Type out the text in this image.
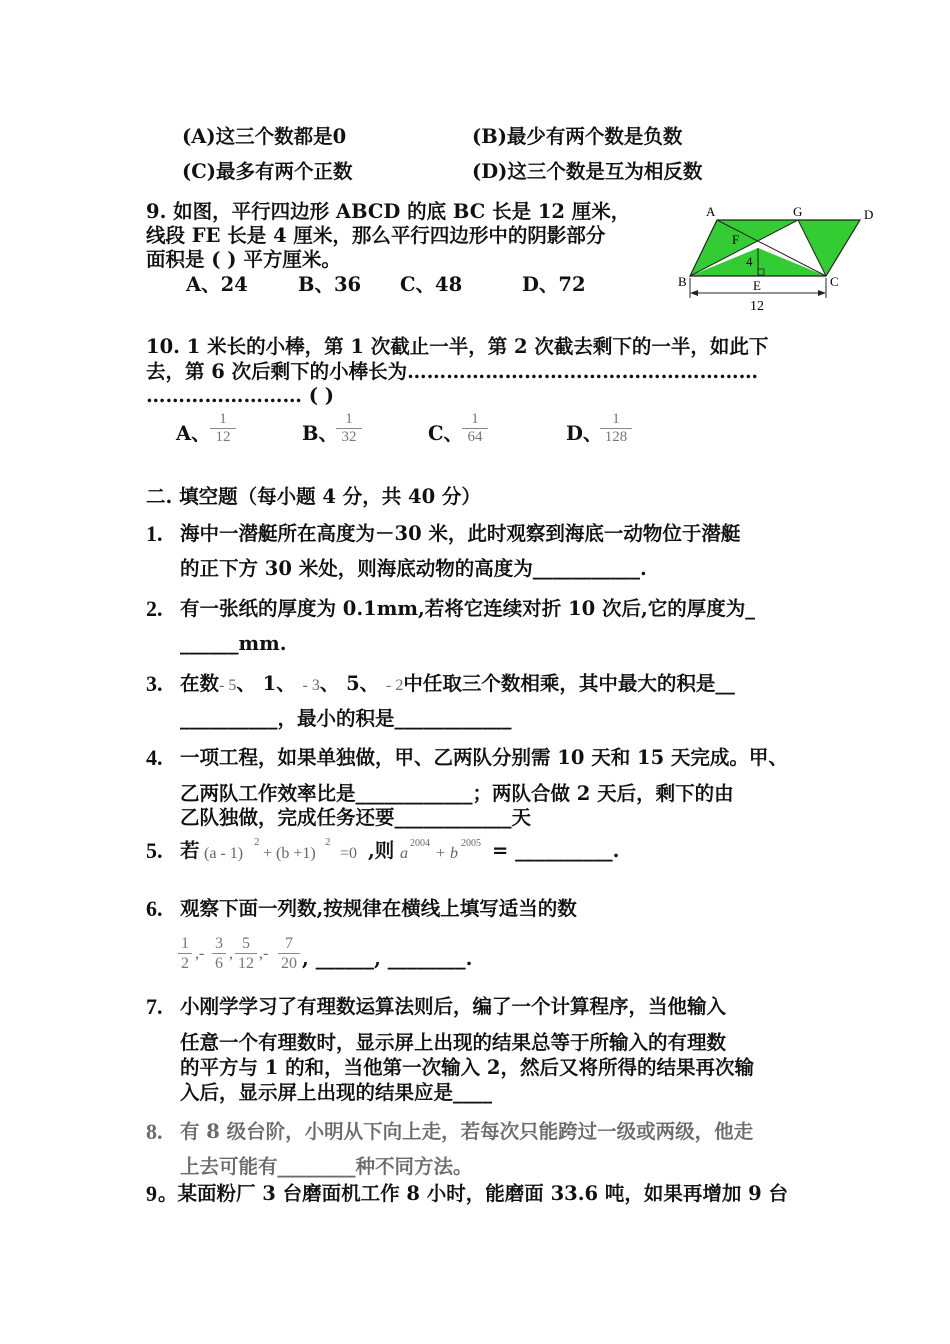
(A)这三个数都是0	(B)最少有两个数是负数
(C)最多有两个正数	(D)这三个数是互为相反数
9. 如图，平行四边形 ABCD 的底 BC 长是 12 厘米，
线段 FE 长是 4 厘米，那么平行四边形中的阴影部分
面积是 ( ) 平方厘米。
A、24	B、36 C、48	D、72
A	G	D
F
4
B	E	C
12
10. 1 米长的小棒，第 1 次截止一半，第 2 次截去剩下的一半，如此下
去，第 6 次后剩下的小棒长为………………………………………………
…………………… ( )
A、 $\frac{1}{12}$	B、
$\frac{1}{32}$	C、
$\frac{1}{64}$	D、
$\frac{1}{128}$
二. 填空题（每小题 4 分，共 40 分）
1. 海中一潜艇所在高度为－30 米，此时观察到海底一动物位于潜艇
的正下方 30 米处，则海底动物的高度为___________.
2. 有一张纸的厚度为 0.1mm,若将它连续对折 10 次后,它的厚度为_
______mm.
3. 在数- 5、 1、 - 3、 5、 - 2中任取三个数相乘，其中最大的积是__
__________，最小的积是____________
4. 一项工程，如果单独做，甲、乙两队分别需 10 天和 15 天完成。甲、
乙两队工作效率比是____________；两队合做 2 天后，剩下的由
乙队独做，完成任务还要____________天
5. 若 (a - 1)
2
+ (b +1)
2
=0 ,则 a
2004
+ b
2005 = __________.
6. 观察下面一列数,按规律在横线上填写适当的数
$\frac{1}{2}$ ,- $\frac{3}{6}$ , $\frac{5}{12}$ ,- $\frac{7}{20}$ , ______, ________.
7. 小刚学学习了有理数运算法则后，编了一个计算程序，当他输入
任意一个有理数时，显示屏上出现的结果总等于所输入的有理数
的平方与 1 的和，当他第一次输入 2，然后又将所得的结果再次输
入后，显示屏上出现的结果应是____
8. 有 8 级台阶，小明从下向上走，若每次只能跨过一级或两级，他走
上去可能有________种不同方法。
9 。某面粉厂 3 台磨面机工作 8 小时，能磨面 33.6 吨，如果再增加 9 台
